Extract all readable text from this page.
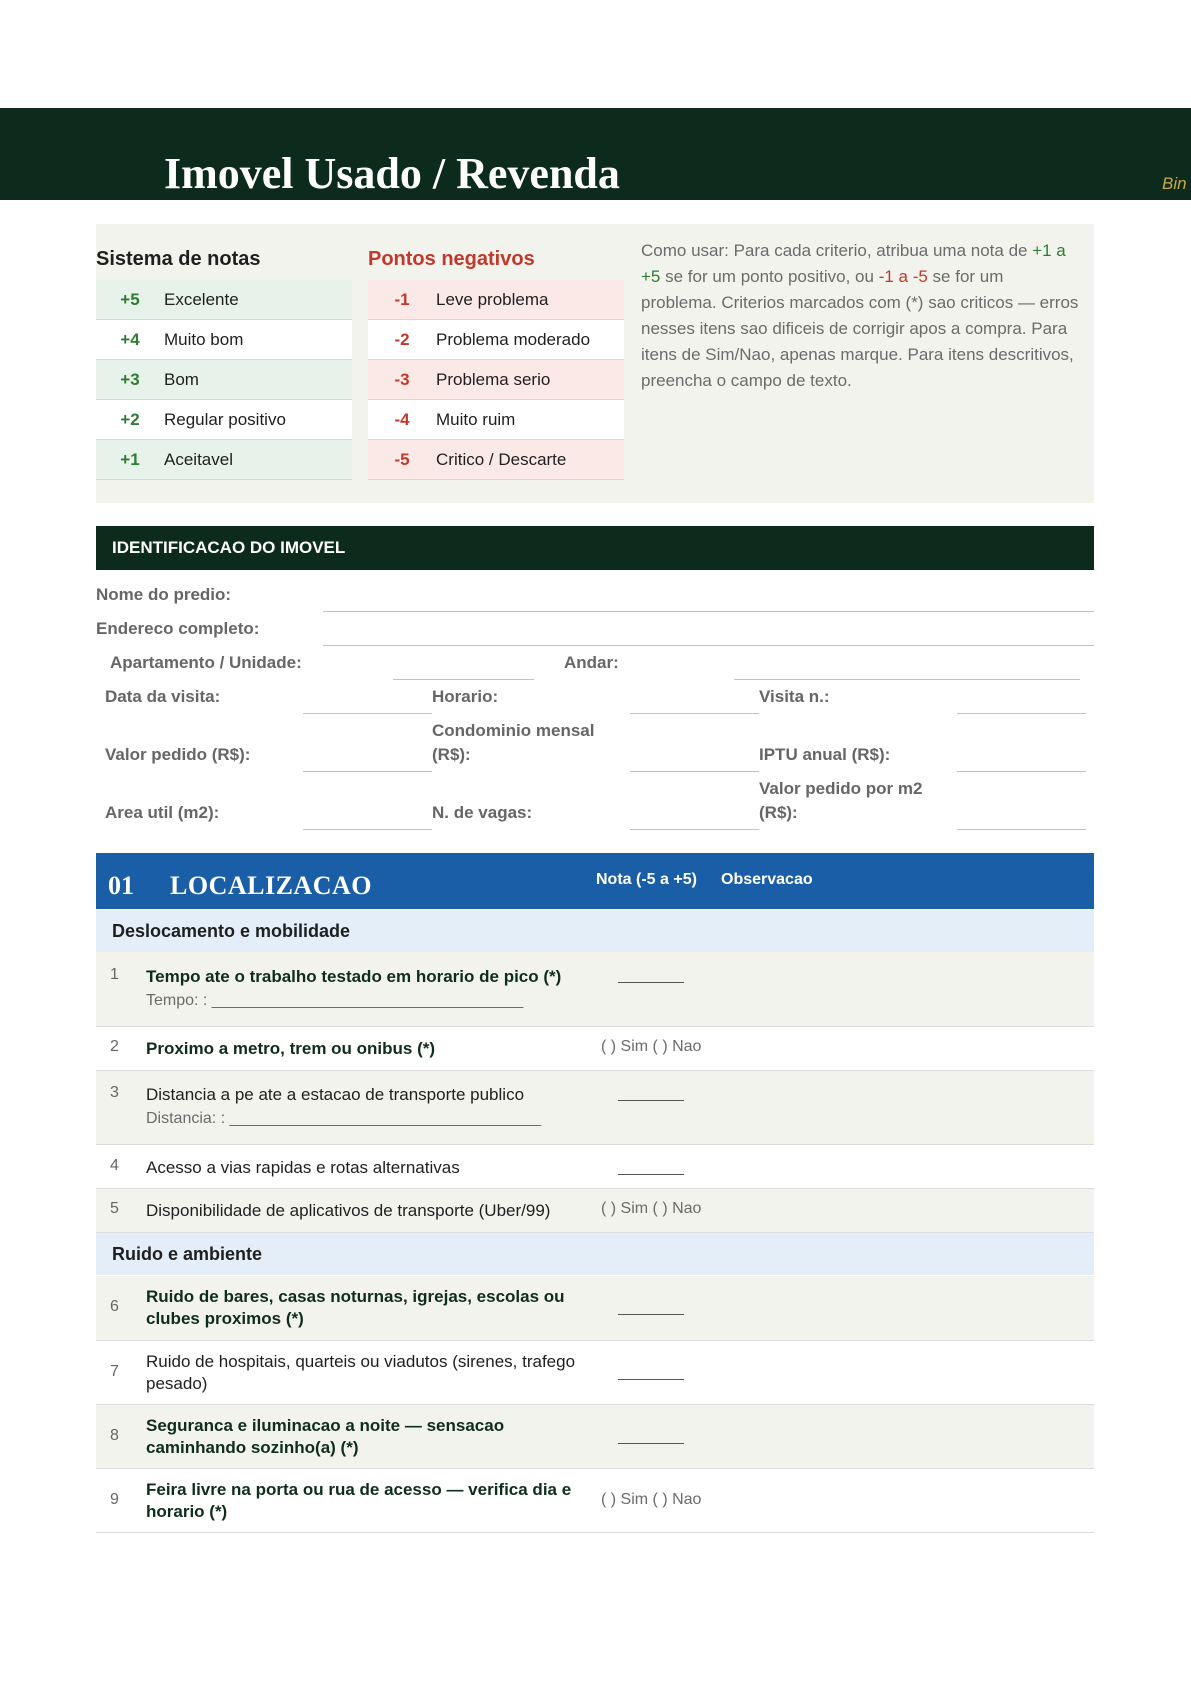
Imovel Usado / Revenda	Bin
Sistema de notas
+5	Excelente
+4	Muito bom
+3	Bom
+2	Regular positivo
+1	Aceitavel
Pontos negativos
-1	Leve problema
-2	Problema moderado
-3	Problema serio
-4	Muito ruim
-5	Critico / Descarte
Como usar: Para cada criterio, atribua uma nota de +1 a +5 se for um ponto positivo, ou -1 a -5 se for um problema. Criterios marcados com (*) sao criticos — erros nesses itens sao dificeis de corrigir apos a compra. Para itens de Sim/Nao, apenas marque. Para itens descritivos, preencha o campo de texto.
IDENTIFICACAO DO IMOVEL
Nome do predio:
Endereco completo:
Apartamento / Unidade:	Andar:
Data da visita:	Horario:	Visita n.:
Valor pedido (R$):
Condominio mensal
(R$):	IPTU anual (R$):
Area util (m2):	N. de vagas:
Valor pedido por m2
(R$):
01 LOCALIZACAO	Nota (-5 a +5) Observacao
Deslocamento e mobilidade
1 Tempo ate o trabalho testado em horario de pico (*)
Tempo: : ___________________________________
2 Proximo a metro, trem ou onibus (*)	( ) Sim ( ) Nao
3 Distancia a pe ate a estacao de transporte publico
Distancia: : ___________________________________
4 Acesso a vias rapidas e rotas alternativas
5 Disponibilidade de aplicativos de transporte (Uber/99)	( ) Sim ( ) Nao
Ruido e ambiente
6
Ruido de bares, casas noturnas, igrejas, escolas ou clubes proximos (*)
7
Ruido de hospitais, quarteis ou viadutos (sirenes, trafego pesado)
8
Seguranca e iluminacao a noite — sensacao caminhando sozinho(a) (*)
9
Feira livre na porta ou rua de acesso — verifica dia e horario (*)
( ) Sim ( ) Nao
